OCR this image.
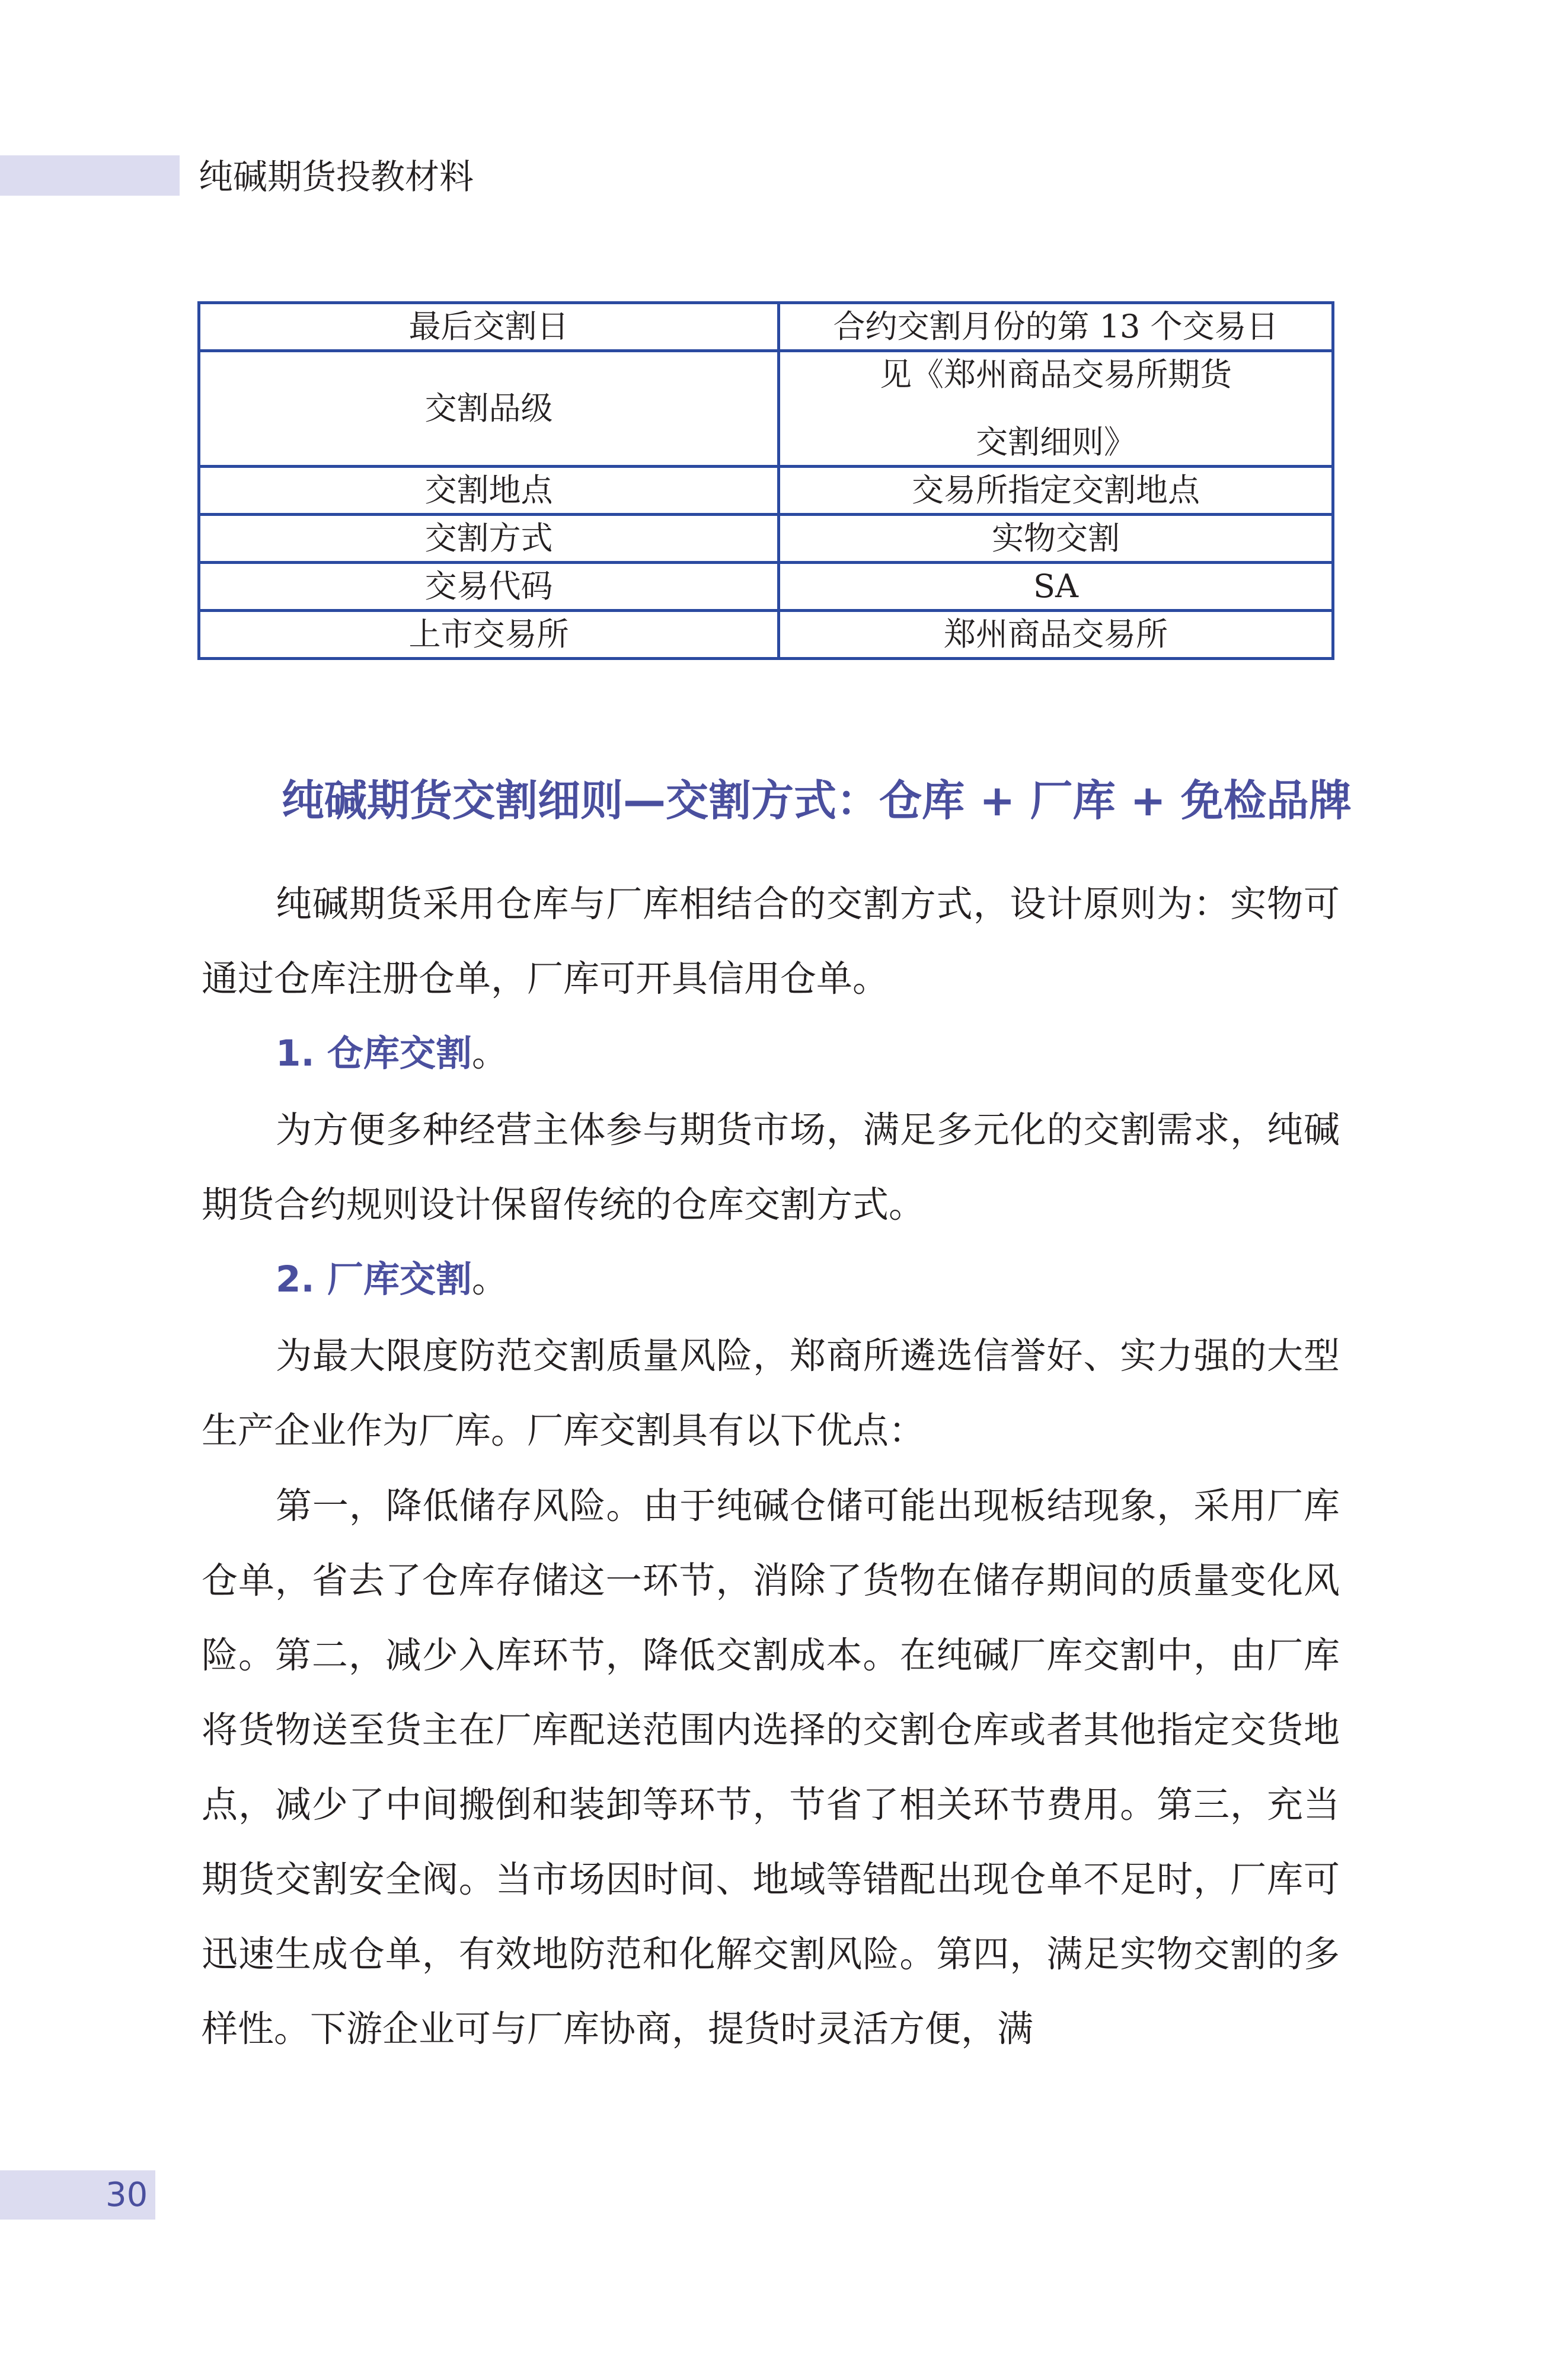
纯碱期货投教材料
最后交割日	合约交割月份的第 13 个交易日
交割品级	见《郑州商品交易所期货
交割细则》

交割地点	交易所指定交割地点
交割方式	实物交割
交易代码	SA
上市交易所	郑州商品交易所
纯碱期货交割细则—交割方式：仓库 + 厂库 + 免检品牌

纯碱期货采用仓库与厂库相结合的交割方式，设计原则为：实物可通过仓库注册仓单，厂库可开具信用仓单。

1. 仓库交割。

为方便多种经营主体参与期货市场，满足多元化的交割需求，纯碱期货合约规则设计保留传统的仓库交割方式。

2. 厂库交割。

为最大限度防范交割质量风险，郑商所遴选信誉好、实力强的大型生产企业作为厂库。厂库交割具有以下优点：

第一，降低储存风险。由于纯碱仓储可能出现板结现象，采用厂库仓单，省去了仓库存储这一环节，消除了货物在储存期间的质量变化风险。第二，减少入库环节，降低交割成本。在纯碱厂库交割中，由厂库将货物送至货主在厂库配送范围内选择的交割仓库或者其他指定交货地点，减少了中间搬倒和装卸等环节，节省了相关环节费用。第三，充当期货交割安全阀。当市场因时间、地域等错配出现仓单不足时，厂库可迅速生成仓单，有效地防范和化解交割风险。第四，满足实物交割的多样性。下游企业可与厂库协商，提货时灵活方便，满

30
